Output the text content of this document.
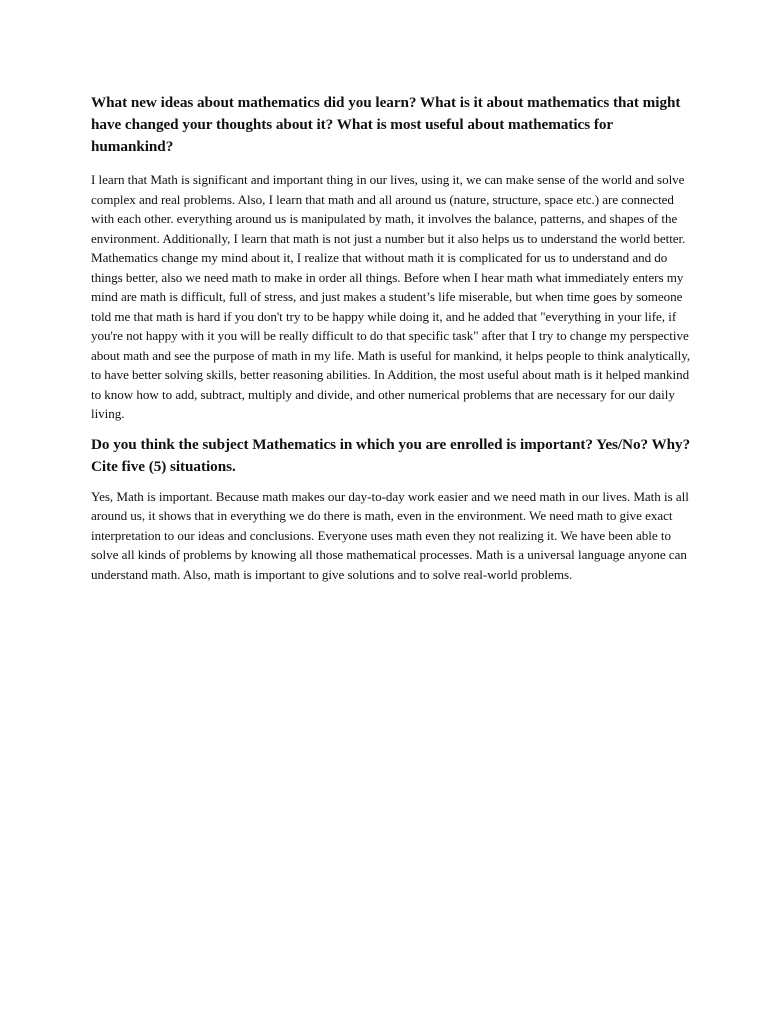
What new ideas about mathematics did you learn? What is it about mathematics that might have changed your thoughts about it? What is most useful about mathematics for humankind?

I learn that Math is significant and important thing in our lives, using it, we can make sense of the world and solve complex and real problems. Also, I learn that math and all around us (nature, structure, space etc.) are connected with each other. everything around us is manipulated by math, it involves the balance, patterns, and shapes of the environment. Additionally, I learn that math is not just a number but it also helps us to understand the world better. Mathematics change my mind about it, I realize that without math it is complicated for us to understand and do things better, also we need math to make in order all things. Before when I hear math what immediately enters my mind are math is difficult, full of stress, and just makes a student’s life miserable, but when time goes by someone told me that math is hard if you don't try to be happy while doing it, and he added that "everything in your life, if you're not happy with it you will be really difficult to do that specific task" after that I try to change my perspective about math and see the purpose of math in my life. Math is useful for mankind, it helps people to think analytically, to have better solving skills, better reasoning abilities. In Addition, the most useful about math is it helped mankind to know how to add, subtract, multiply and divide, and other numerical problems that are necessary for our daily living.

Do you think the subject Mathematics in which you are enrolled is important? Yes/No? Why? Cite five (5) situations.

Yes, Math is important. Because math makes our day-to-day work easier and we need math in our lives. Math is all around us, it shows that in everything we do there is math, even in the environment. We need math to give exact interpretation to our ideas and conclusions. Everyone uses math even they not realizing it. We have been able to solve all kinds of problems by knowing all those mathematical processes. Math is a universal language anyone can understand math. Also, math is important to give solutions and to solve real-world problems.
